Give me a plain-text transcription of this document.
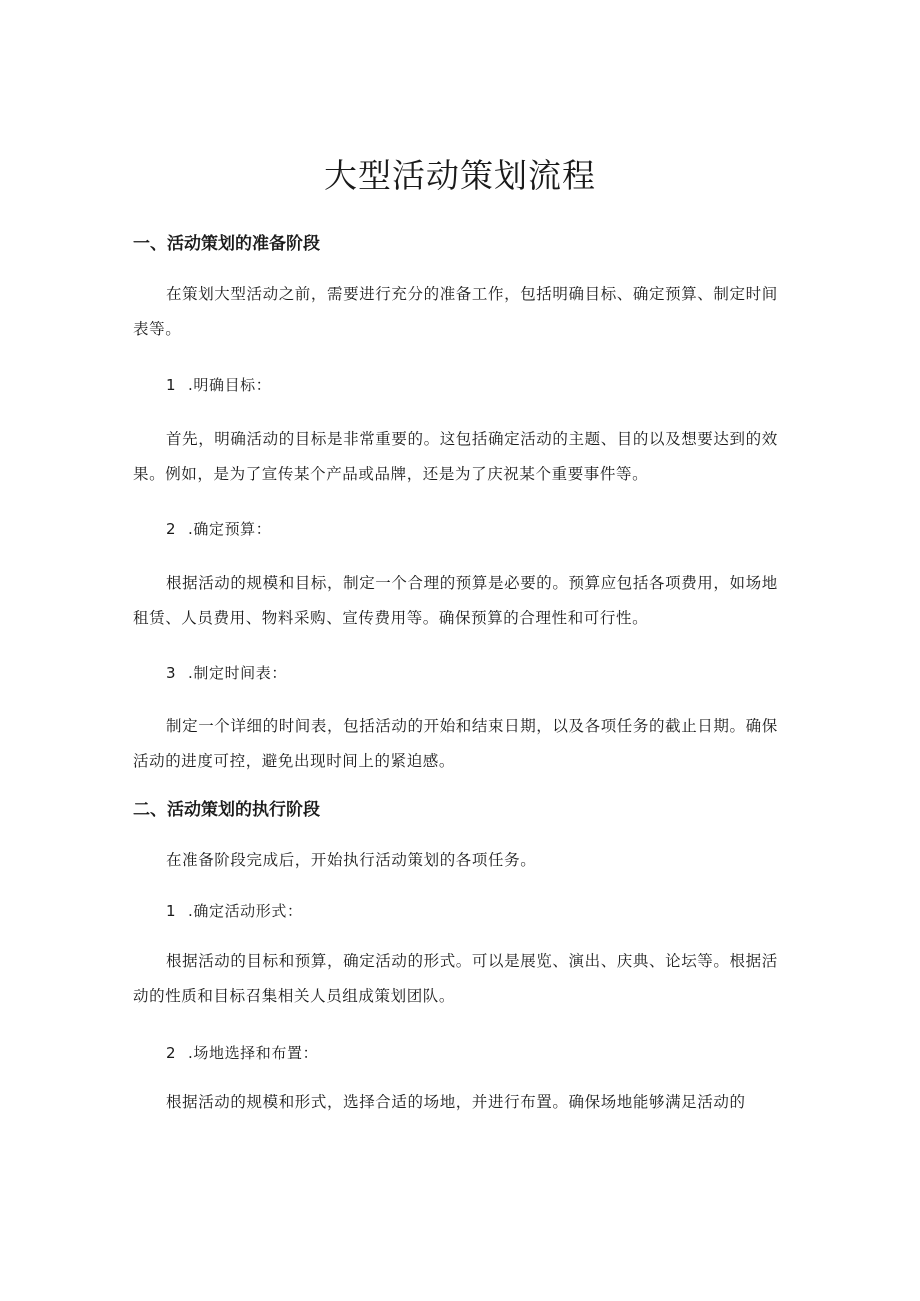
大型活动策划流程
一、活动策划的准备阶段

在策划大型活动之前，需要进行充分的准备工作，包括明确目标、确定预算、制定时间表等。

1 .明确目标：

首先，明确活动的目标是非常重要的。这包括确定活动的主题、目的以及想要达到的效果。例如，是为了宣传某个产品或品牌，还是为了庆祝某个重要事件等。

2 .确定预算：

根据活动的规模和目标，制定一个合理的预算是必要的。预算应包括各项费用，如场地租赁、人员费用、物料采购、宣传费用等。确保预算的合理性和可行性。

3 .制定时间表：

制定一个详细的时间表，包括活动的开始和结束日期，以及各项任务的截止日期。确保活动的进度可控，避免出现时间上的紧迫感。

二、活动策划的执行阶段

在准备阶段完成后，开始执行活动策划的各项任务。

1 .确定活动形式：

根据活动的目标和预算，确定活动的形式。可以是展览、演出、庆典、论坛等。根据活动的性质和目标召集相关人员组成策划团队。

2 .场地选择和布置：

根据活动的规模和形式，选择合适的场地，并进行布置。确保场地能够满足活动的
